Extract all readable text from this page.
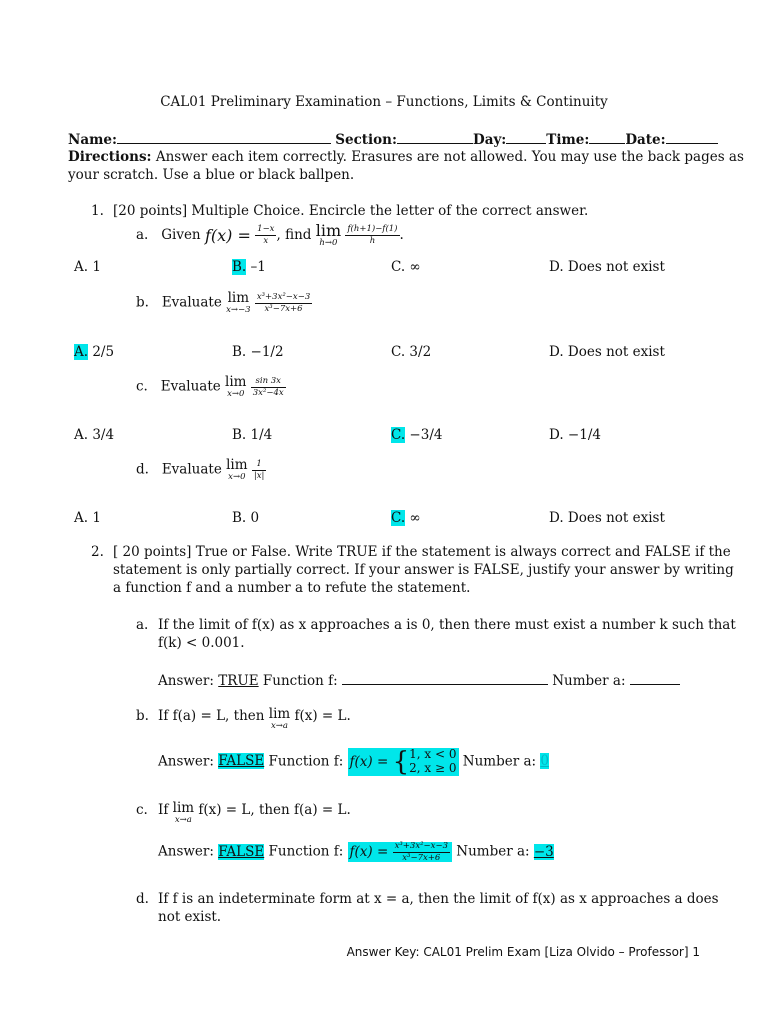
CAL01 Preliminary Examination – Functions, Limits & Continuity
Name:	Section:	Day:	Time:	Date:
Directions: Answer each item correctly. Erasures are not allowed. You may use the back pages as
your scratch. Use a blue or black ballpen.
1. [20 points] Multiple Choice. Encircle the letter of the correct answer.
a. Given $f(x) = \frac{1-x}{x}$ , find lim
h→0
$\frac{f(h+1)-f(1)}{h}$ .
A. 1	B. –1	C. ∞	D. Does not exist
b. Evaluate lim
x→−3
$\frac{\text{x³+3x²−x−3}}{\text{x³−7x+6}}$
A. 2/5	B. −1/2	C. 3/2	D. Does not exist
c. Evaluate lim
x→0
$\frac{\sin 3x}{\text{3x²−4x}}$
A. 3/4	B. 1/4	C. −3/4	D. −1/4
d. Evaluate lim
x→0
$\frac{1}{|x|}$
A. 1	B. 0	C. ∞	D. Does not exist
2. [ 20 points] True or False. Write TRUE if the statement is always correct and FALSE if the
statement is only partially correct. If your answer is FALSE, justify your answer by writing
a function f and a number a to refute the statement.
a. If the limit of f(x) as x approaches a is 0, then there must exist a number k such that
f(k) < 0.001.
Answer: TRUE Function f:	Number a:
b. If f(a) = L, then lim
x→a
f(x) = L.
Answer: FALSE Function f: f(x) = { 1, x < 0
2, x ≥ 0 Number a: 0
c. If lim
x→a
f(x) = L, then f(a) = L.
Answer: FALSE Function f: $f(x) = \frac{\text{x³+3x²−x−3}}{\text{x³−7x+6}}$ Number a: −3
d. If f is an indeterminate form at x = a, then the limit of f(x) as x approaches a does
not exist.
Answer Key: CAL01 Prelim Exam [Liza Olvido – Professor] 1
